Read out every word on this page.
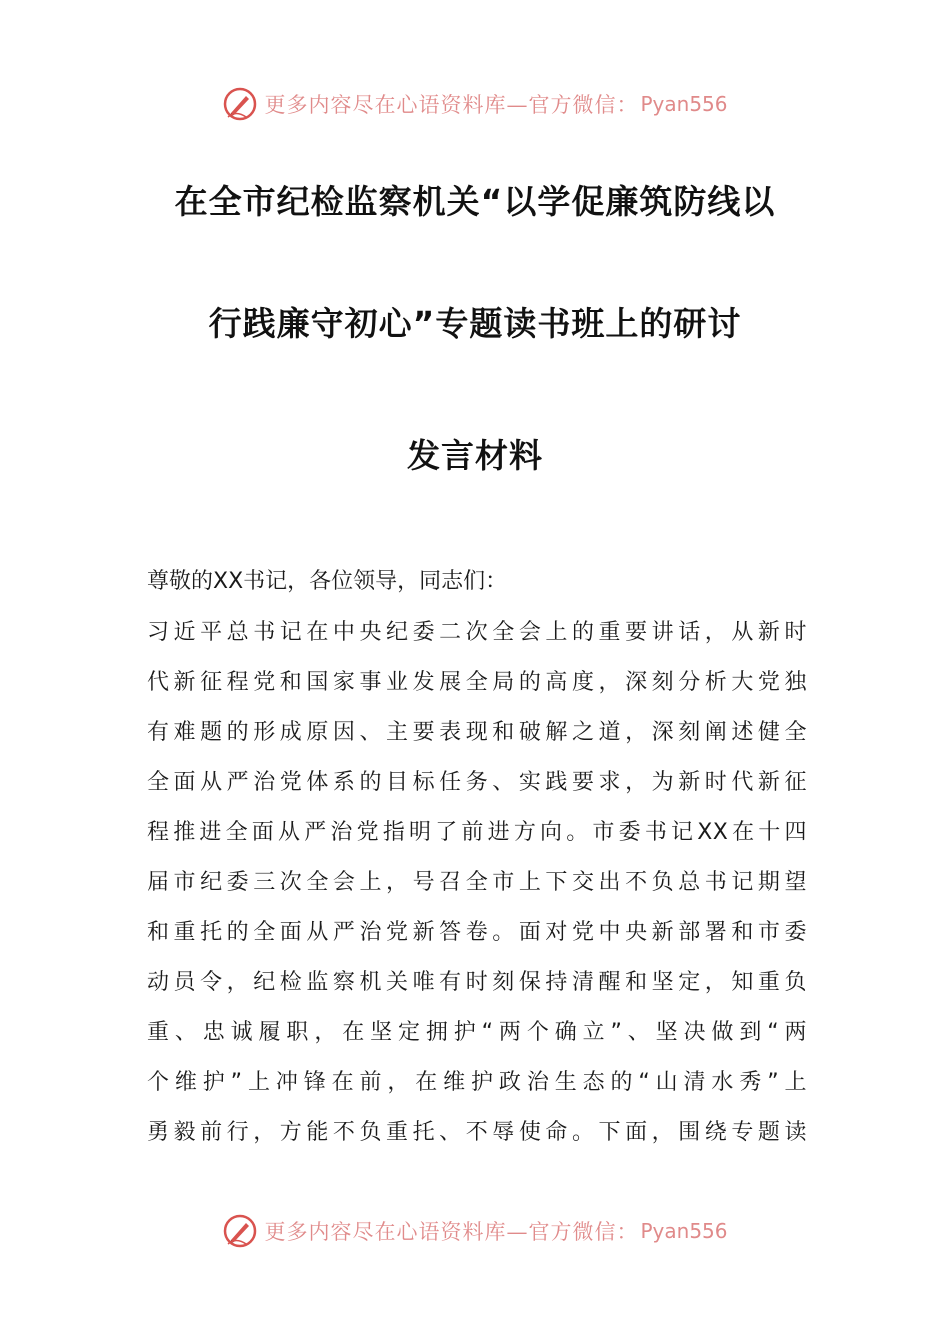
更多内容尽在心语资料库—官方微信： Pyan556
在全市纪检监察机关“以学促廉筑防线以
行践廉守初心”专题读书班上的研讨
发言材料
尊敬的XX书记，各位领导，同志们：
习近平总书记在中央纪委二次全会上的重要讲话，从新时
代新征程党和国家事业发展全局的高度，深刻分析大党独
有难题的形成原因、主要表现和破解之道，深刻阐述健全
全面从严治党体系的目标任务、实践要求，为新时代新征
程推进全面从严治党指明了前进方向。市委书记XX在十四
届市纪委三次全会上，号召全市上下交出不负总书记期望
和重托的全面从严治党新答卷。面对党中央新部署和市委
动员令，纪检监察机关唯有时刻保持清醒和坚定，知重负
重、忠诚履职，在坚定拥护“两个确立”、坚决做到“两
个维护”上冲锋在前，在维护政治生态的“山清水秀”上
勇毅前行，方能不负重托、不辱使命。下面，围绕专题读
更多内容尽在心语资料库—官方微信： Pyan556
